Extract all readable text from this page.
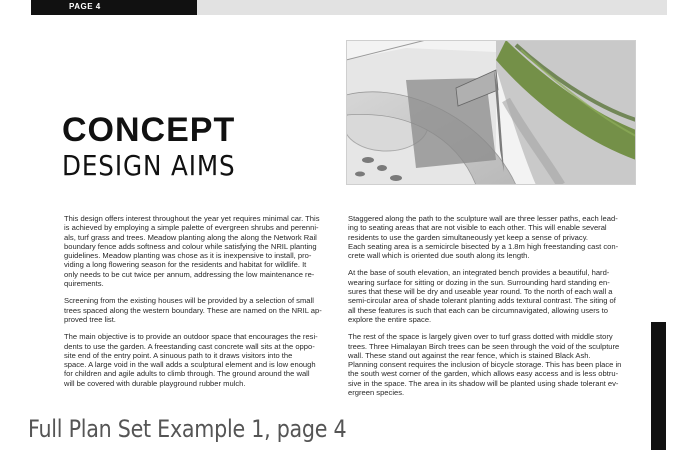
PAGE 4
CONCEPT
DESIGN AIMS

This design offers interest throughout the year yet requires minimal car. This
is achieved by employing a simple palette of evergreen shrubs and perenni-
als, turf grass and trees. Meadow planting along the along the Network Rail
boundary fence adds softness and colour while satisfying the NRIL planting
guidelines. Meadow planting was chose as it is inexpensive to install, pro-
viding a long flowering season for the residents and habitat for wildlife. It
only needs to be cut twice per annum, addressing the low maintenance re-
quirements.

Screening from the existing houses will be provided by a selection of small
trees spaced along the western boundary. These are named on the NRIL ap-
proved tree list.

The main objective is to provide an outdoor space that encourages the resi-
dents to use the garden. A freestanding cast concrete wall sits at the oppo-
site end of the entry point. A sinuous path to it draws visitors into the
space. A large void in the wall adds a sculptural element and is low enough
for children and agile adults to climb through. The ground around the wall
will be covered with durable playground rubber mulch.

Staggered along the path to the sculpture wall are three lesser paths, each lead-
ing to seating areas that are not visible to each other. This will enable several
residents to use the garden simultaneously yet keep a sense of privacy.
Each seating area is a semicircle bisected by a 1.8m high freestanding cast con-
crete wall which is oriented due south along its length.

At the base of south elevation, an integrated bench provides a beautiful, hard-
wearing surface for sitting or dozing in the sun. Surrounding hard standing en-
sures that these will be dry and useable year round. To the north of each wall a
semi-circular area of shade tolerant planting adds textural contrast. The siting of
all these features is such that each can be circumnavigated, allowing users to
explore the entire space.

The rest of the space is largely given over to turf grass dotted with middle story
trees. Three Himalayan Birch trees can be seen through the void of the sculpture
wall. These stand out against the rear fence, which is stained Black Ash.
Planning consent requires the inclusion of bicycle storage. This has been place in
the south west corner of the garden, which allows easy access and is less obtru-
sive in the space. The area in its shadow will be planted using shade tolerant ev-
ergreen species.

Full Plan Set Example 1, page 4
